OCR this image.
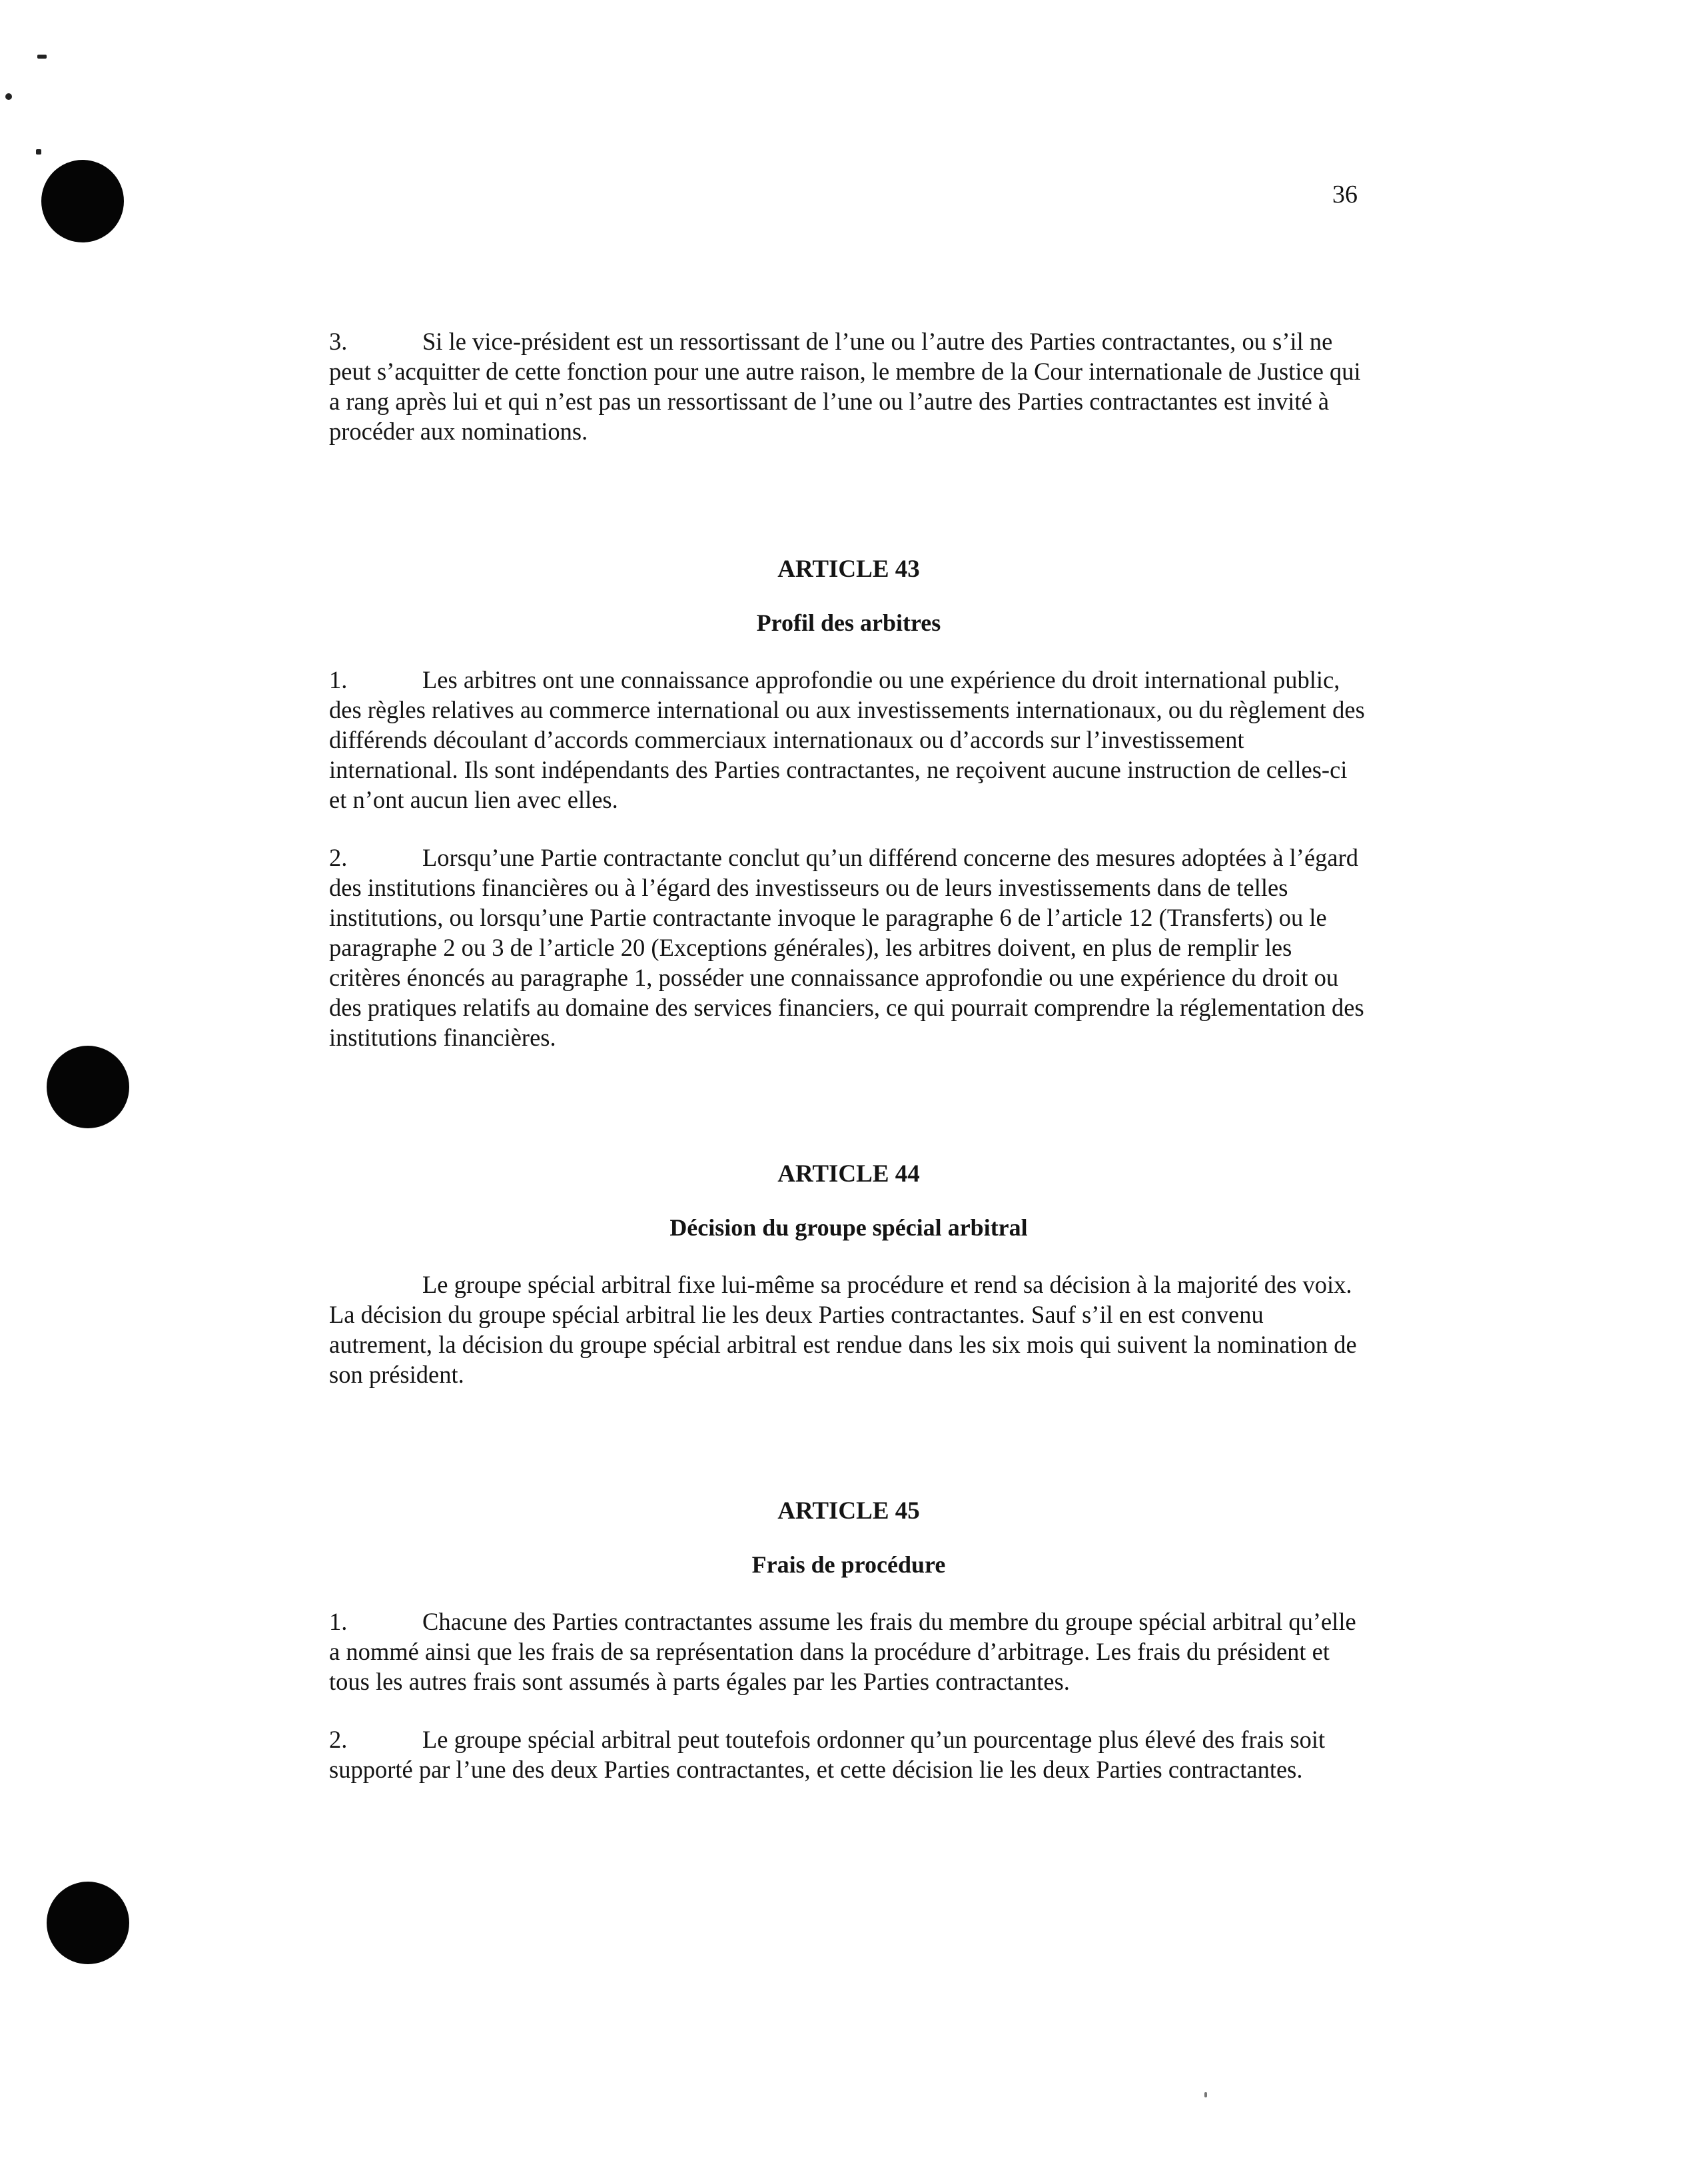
36

3.	Si le vice-président est un ressortissant de l’une ou l’autre des Parties contractantes, ou s’il ne peut s’acquitter de cette fonction pour une autre raison, le membre de la Cour internationale de Justice qui a rang après lui et qui n’est pas un ressortissant de l’une ou l’autre des Parties contractantes est invité à procéder aux nominations.

ARTICLE 43

Profil des arbitres

1.	Les arbitres ont une connaissance approfondie ou une expérience du droit international public, des règles relatives au commerce international ou aux investissements internationaux, ou du règlement des différends découlant d’accords commerciaux internationaux ou d’accords sur l’investissement international. Ils sont indépendants des Parties contractantes, ne reçoivent aucune instruction de celles-ci et n’ont aucun lien avec elles.

2.	Lorsqu’une Partie contractante conclut qu’un différend concerne des mesures adoptées à l’égard des institutions financières ou à l’égard des investisseurs ou de leurs investissements dans de telles institutions, ou lorsqu’une Partie contractante invoque le paragraphe 6 de l’article 12 (Transferts) ou le paragraphe 2 ou 3 de l’article 20 (Exceptions générales), les arbitres doivent, en plus de remplir les critères énoncés au paragraphe 1, posséder une connaissance approfondie ou une expérience du droit ou des pratiques relatifs au domaine des services financiers, ce qui pourrait comprendre la réglementation des institutions financières.

ARTICLE 44

Décision du groupe spécial arbitral

Le groupe spécial arbitral fixe lui-même sa procédure et rend sa décision à la majorité des voix. La décision du groupe spécial arbitral lie les deux Parties contractantes. Sauf s’il en est convenu autrement, la décision du groupe spécial arbitral est rendue dans les six mois qui suivent la nomination de son président.

ARTICLE 45

Frais de procédure

1.	Chacune des Parties contractantes assume les frais du membre du groupe spécial arbitral qu’elle a nommé ainsi que les frais de sa représentation dans la procédure d’arbitrage. Les frais du président et tous les autres frais sont assumés à parts égales par les Parties contractantes.

2.	Le groupe spécial arbitral peut toutefois ordonner qu’un pourcentage plus élevé des frais soit supporté par l’une des deux Parties contractantes, et cette décision lie les deux Parties contractantes.
